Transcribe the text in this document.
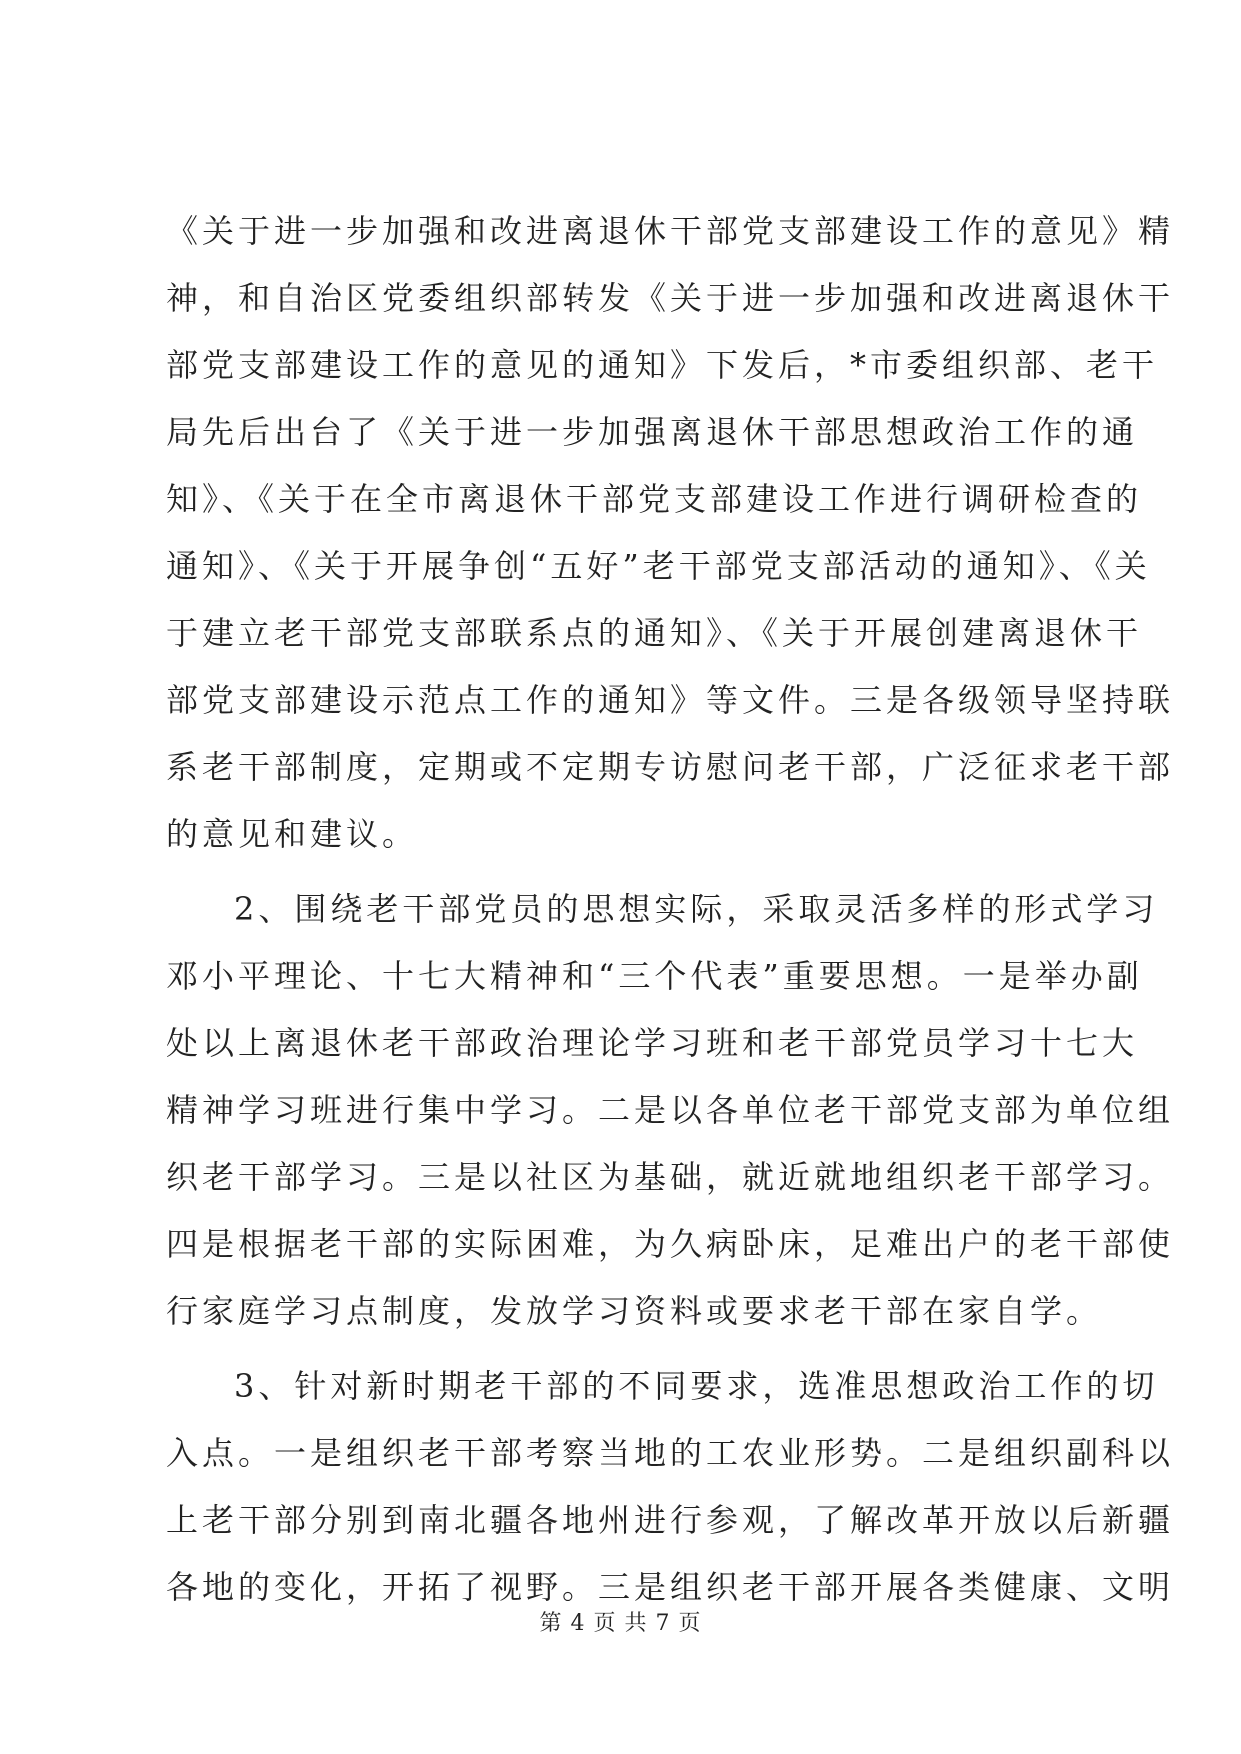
《关于进一步加强和改进离退休干部党支部建设工作的意见》精
神，和自治区党委组织部转发《关于进一步加强和改进离退休干
部党支部建设工作的意见的通知》下发后，*市委组织部、老干
局先后出台了《关于进一步加强离退休干部思想政治工作的通
知》、《关于在全市离退休干部党支部建设工作进行调研检查的
通知》、《关于开展争创“五好”老干部党支部活动的通知》、《关
于建立老干部党支部联系点的通知》、《关于开展创建离退休干
部党支部建设示范点工作的通知》等文件。三是各级领导坚持联
系老干部制度，定期或不定期专访慰问老干部，广泛征求老干部
的意见和建议。
2、围绕老干部党员的思想实际，采取灵活多样的形式学习
邓小平理论、十七大精神和“三个代表”重要思想。一是举办副
处以上离退休老干部政治理论学习班和老干部党员学习十七大
精神学习班进行集中学习。二是以各单位老干部党支部为单位组
织老干部学习。三是以社区为基础，就近就地组织老干部学习。
四是根据老干部的实际困难，为久病卧床，足难出户的老干部使
行家庭学习点制度，发放学习资料或要求老干部在家自学。
3、针对新时期老干部的不同要求，选准思想政治工作的切
入点。一是组织老干部考察当地的工农业形势。二是组织副科以
上老干部分别到南北疆各地州进行参观，了解改革开放以后新疆
各地的变化，开拓了视野。三是组织老干部开展各类健康、文明
第 4 页 共 7 页
